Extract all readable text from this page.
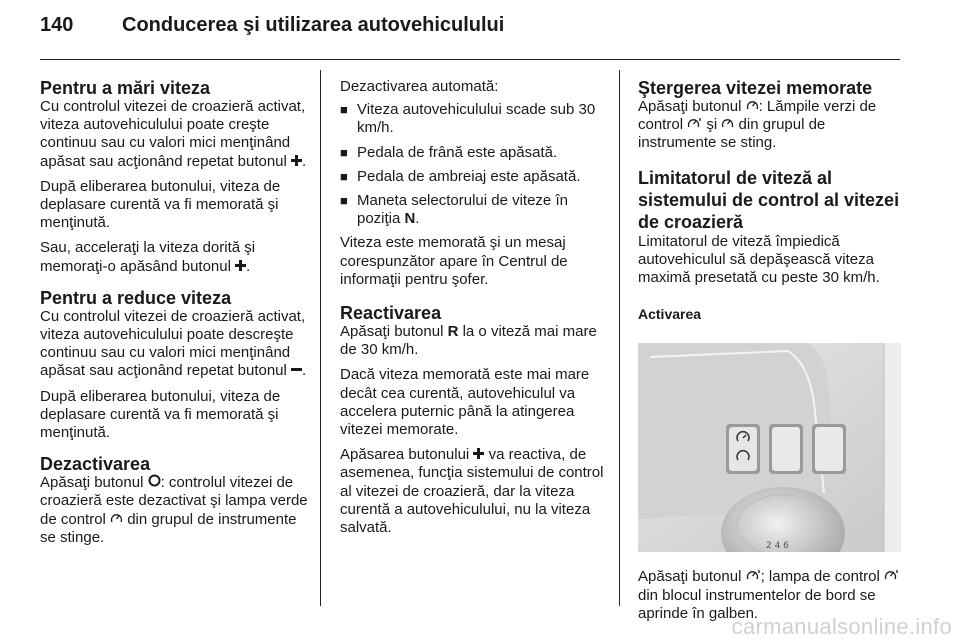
140 Conducerea şi utilizarea autovehiculului
Pentru a mări viteza

Cu controlul vitezei de croazieră activat, viteza autovehiculului poate creşte continuu sau cu valori mici menţinând apăsat sau acţionând repetat butonul .

După eliberarea butonului, viteza de deplasare curentă va fi memorată şi menţinută.

Sau, acceleraţi la viteza dorită şi memoraţi-o apăsând butonul .

Pentru a reduce viteza

Cu controlul vitezei de croazieră activat, viteza autovehiculului poate descreşte continuu sau cu valori mici menţinând apăsat sau acţionând repetat butonul .

După eliberarea butonului, viteza de deplasare curentă va fi memorată şi menţinută.

Dezactivarea

Apăsaţi butonul : controlul vitezei de croazieră este dezactivat şi lampa verde de control  din grupul de instrumente se stinge.

Dezactivarea automată:

■ Viteza autovehiculului scade sub 30 km/h.
■ Pedala de frână este apăsată.
■ Pedala de ambreiaj este apăsată.
■ Maneta selectorului de viteze în poziţia N.

Viteza este memorată şi un mesaj corespunzător apare în Centrul de informaţii pentru şofer.

Reactivarea

Apăsaţi butonul R la o viteză mai mare de 30 km/h.

Dacă viteza memorată este mai mare decât cea curentă, autovehiculul va accelera puternic până la atingerea vitezei memorate.

Apăsarea butonului  va reactiva, de asemenea, funcţia sistemului de control al vitezei de croazieră, dar la viteza curentă a autovehiculului, nu la viteza salvată.

Ştergerea vitezei memorate

Apăsaţi butonul : Lămpile verzi de control  şi  din grupul de instrumente se sting.

Limitatorul de viteză al sistemului de control al vitezei de croazieră

Limitatorul de viteză împiedică autovehiculul să depăşească viteza maximă presetată cu peste 30 km/h.

Activarea
2 4 6

Apăsaţi butonul ; lampa de control  din blocul instrumentelor de bord se aprinde în galben.

carmanualsonline.info
